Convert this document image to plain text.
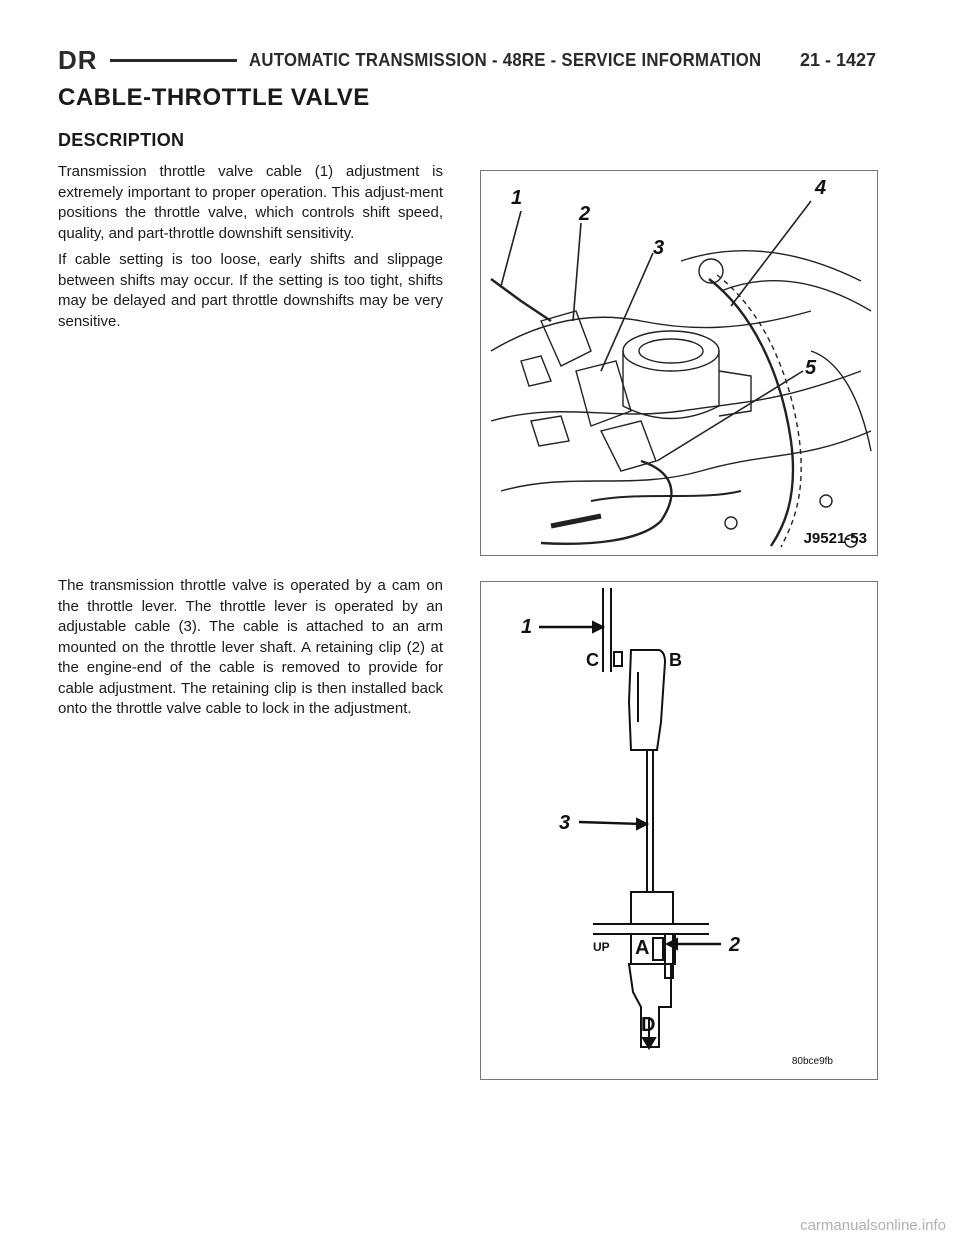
DR	AUTOMATIC TRANSMISSION - 48RE - SERVICE INFORMATION 21 - 1427
CABLE-THROTTLE VALVE
DESCRIPTION

Transmission throttle valve cable (1) adjustment is extremely important to proper operation. This adjust-ment positions the throttle valve, which controls shift speed, quality, and part-throttle downshift sensitivity.

If cable setting is too loose, early shifts and slippage between shifts may occur. If the setting is too tight, shifts may be delayed and part throttle downshifts may be very sensitive.

The transmission throttle valve is operated by a cam on the throttle lever. The throttle lever is operated by an adjustable cable (3). The cable is attached to an arm mounted on the throttle lever shaft. A retaining clip (2) at the engine-end of the cable is removed to provide for cable adjustment. The retaining clip is then installed back onto the throttle valve cable to lock in the adjustment.

1
2
3
4
5
J9521-53
1
3
2
C	B
UP A
D
80bce9fb
carmanualsonline.info
